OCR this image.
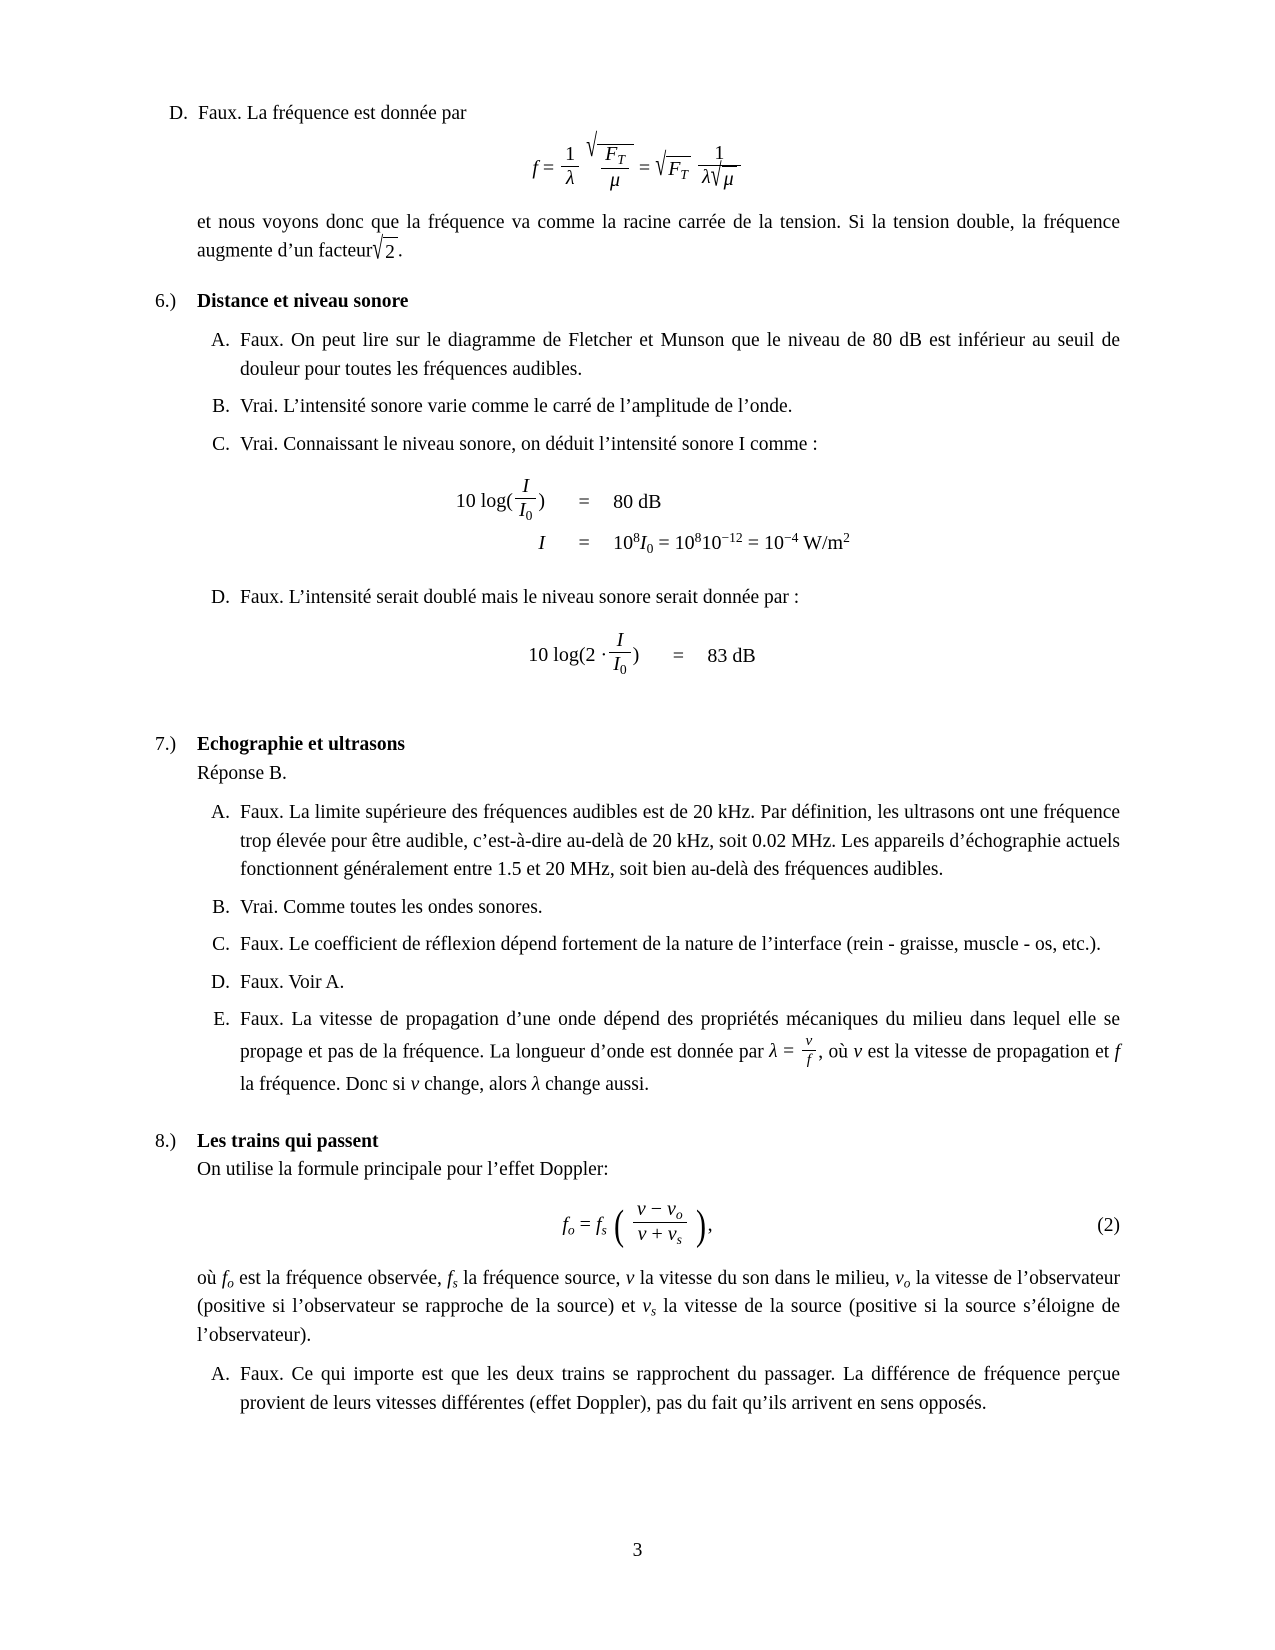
D. Faux. La fréquence est donnée par
$f = \frac{1}{\lambda}$
√ $\frac{F_T}{\mu}$ = √ $F_T$
$\frac{1}{\lambda √ \mu}$
et nous voyons donc que la fréquence va comme la racine carrée de la tension. Si la tension double, la fréquence augmente d’un facteur √ 2 .
6.)	Distance et niveau sonore
A. Faux. On peut lire sur le diagramme de Fletcher et Munson que le niveau de 80 dB est inférieur au seuil de douleur pour toutes les fréquences audibles.
B. Vrai. L’intensité sonore varie comme le carré de l’amplitude de l’onde.
C. Vrai. Connaissant le niveau sonore, on déduit l’intensité sonore I comme :
10 $\log( \frac{I}{I_0}$ )	=	80 dB
I	=	$10^8I_0 = 10^810^{-12} = 10^{-4}$ $W/m^2$
D. Faux. L’intensité serait doublé mais le niveau sonore serait donnée par :
10 $\log(2 \cdot \frac{I}{I_0}$ )	=	83 dB
7.)	Echographie et ultrasons
Réponse B.
A. Faux. La limite supérieure des fréquences audibles est de 20 kHz. Par définition, les ultrasons ont une fréquence trop élevée pour être audible, c’est-à-dire au-delà de 20 kHz, soit 0.02 MHz. Les appareils d’échographie actuels fonctionnent généralement entre 1.5 et 20 MHz, soit bien au-delà des fréquences audibles.
B. Vrai. Comme toutes les ondes sonores.
C. Faux. Le coefficient de réflexion dépend fortement de la nature de l’interface (rein - graisse, muscle - os, etc.).
D. Faux. Voir A.
E. Faux. La vitesse de propagation d’une onde dépend des propriétés mécaniques du milieu dans lequel elle se propage et pas de la fréquence. La longueur d’onde est donnée par $\lambda = \frac{v}{f}$ , où v est la vitesse de propagation et f la fréquence. Donc si v change, alors λ change aussi.
8.)	Les trains qui passent
On utilise la formule principale pour l’effet Doppler:
$f_o = f_s$ ( $\frac{v - v_o}{v + v_s}$ ),	(2)
où $f_o$ est la fréquence observée, $f_s$ la fréquence source, v la vitesse du son dans le milieu, $v_o$ la vitesse de l’observateur (positive si l’observateur se rapproche de la source) et $v_s$ la vitesse de la source (positive si la source s’éloigne de l’observateur).
A. Faux. Ce qui importe est que les deux trains se rapprochent du passager. La différence de fréquence perçue provient de leurs vitesses différentes (effet Doppler), pas du fait qu’ils arrivent en sens opposés.
3
